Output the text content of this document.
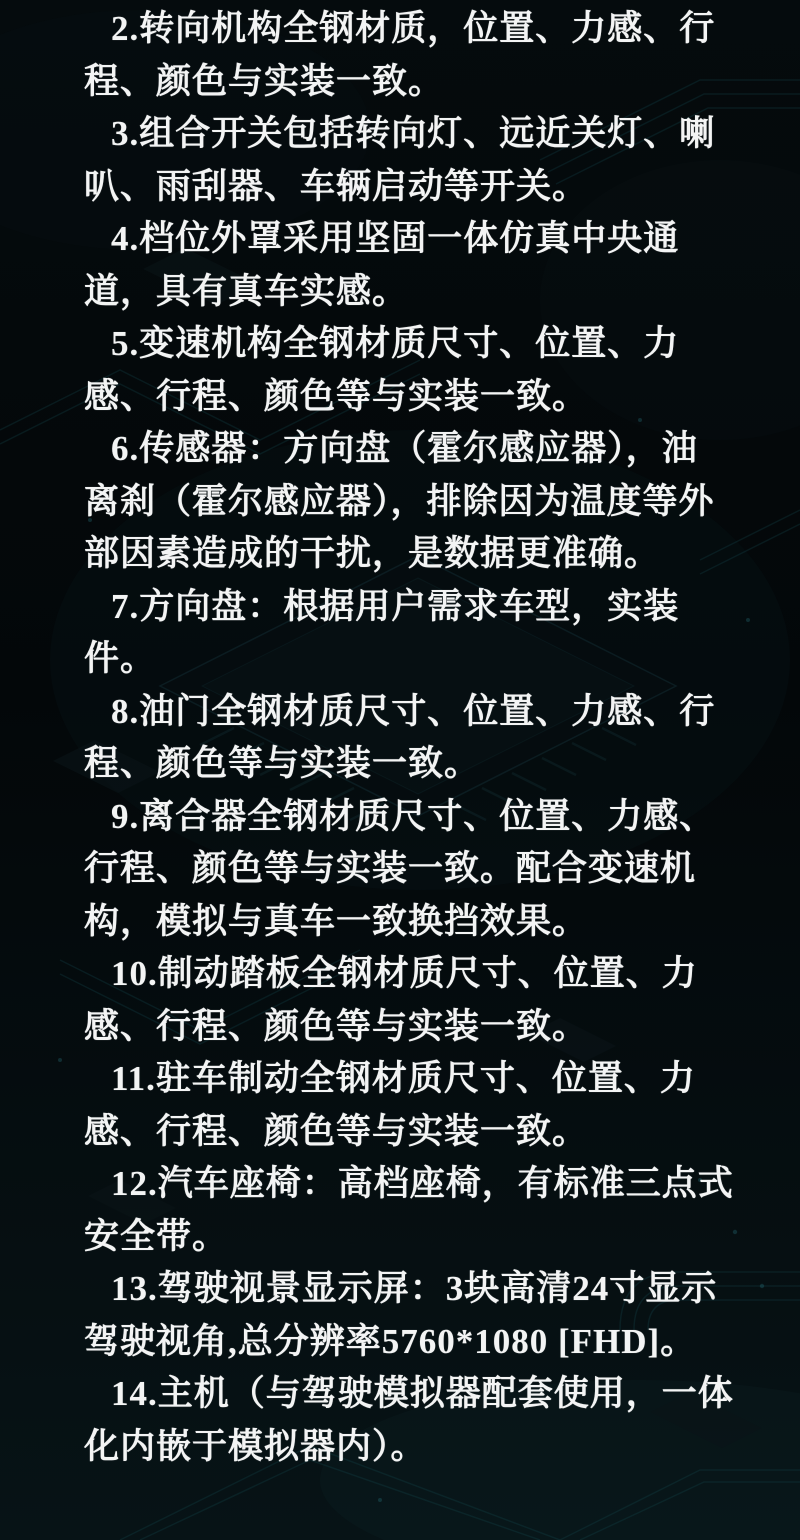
2.转向机构全钢材质，位置、力感、行
程、颜色与实装一致。

3.组合开关包括转向灯、远近关灯、喇
叭、雨刮器、车辆启动等开关。

4.档位外罩采用坚固一体仿真中央通
道，具有真车实感。

5.变速机构全钢材质尺寸、位置、力
感、行程、颜色等与实装一致。

6.传感器：方向盘（霍尔感应器），油
离刹（霍尔感应器），排除因为温度等外
部因素造成的干扰，是数据更准确。

7.方向盘：根据用户需求车型，实装
件。

8.油门全钢材质尺寸、位置、力感、行
程、颜色等与实装一致。

9.离合器全钢材质尺寸、位置、力感、
行程、颜色等与实装一致。配合变速机
构，模拟与真车一致换挡效果。

10.制动踏板全钢材质尺寸、位置、力
感、行程、颜色等与实装一致。

11.驻车制动全钢材质尺寸、位置、力
感、行程、颜色等与实装一致。

12.汽车座椅：高档座椅，有标准三点式
安全带。

13.驾驶视景显示屏：3块高清24寸显示
驾驶视角,总分辨率5760*1080 [FHD]。

14.主机（与驾驶模拟器配套使用，一体
化内嵌于模拟器内）。
